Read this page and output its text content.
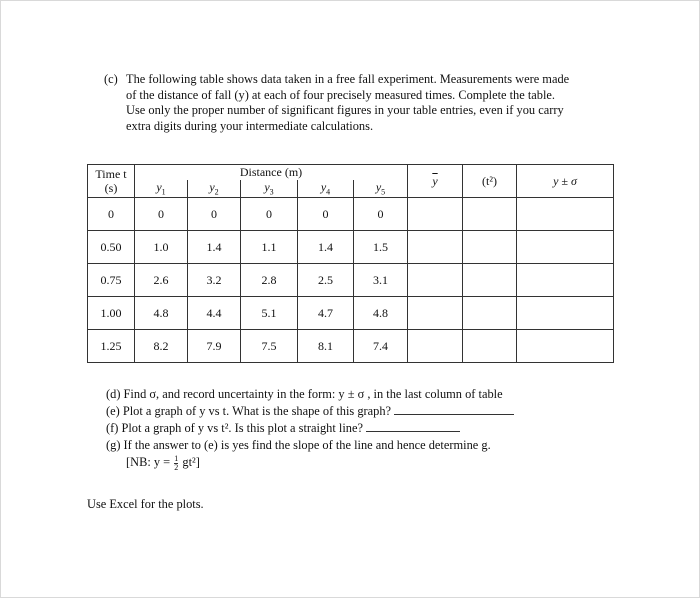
(c) The following table shows data taken in a free fall experiment. Measurements were made
of the distance of fall (y) at each of four precisely measured times. Complete the table.
Use only the proper number of significant figures in your table entries, even if you carry
extra digits during your intermediate calculations.
Time t
(s)	Distance (m)					$\overline{y}$	(t²)	y ± σ
	$y_1$	$y_2$	$y_3$	$y_4$	$y_5$
0	0	0	0	0	0			
0.50	1.0	1.4	1.1	1.4	1.5			
0.75	2.6	3.2	2.8	2.5	3.1			
1.00	4.8	4.4	5.1	4.7	4.8			
1.25	8.2	7.9	7.5	8.1	7.4			
(d) Find σ, and record uncertainty in the form: y ± σ , in the last column of table
(e) Plot a graph of y vs t. What is the shape of this graph?
(f) Plot a graph of y vs t². Is this plot a straight line?
(g) If the answer to (e) is yes find the slope of the line and hence determine g.
[NB: $y = \frac{1}{2} gt^2$]
Use Excel for the plots.
